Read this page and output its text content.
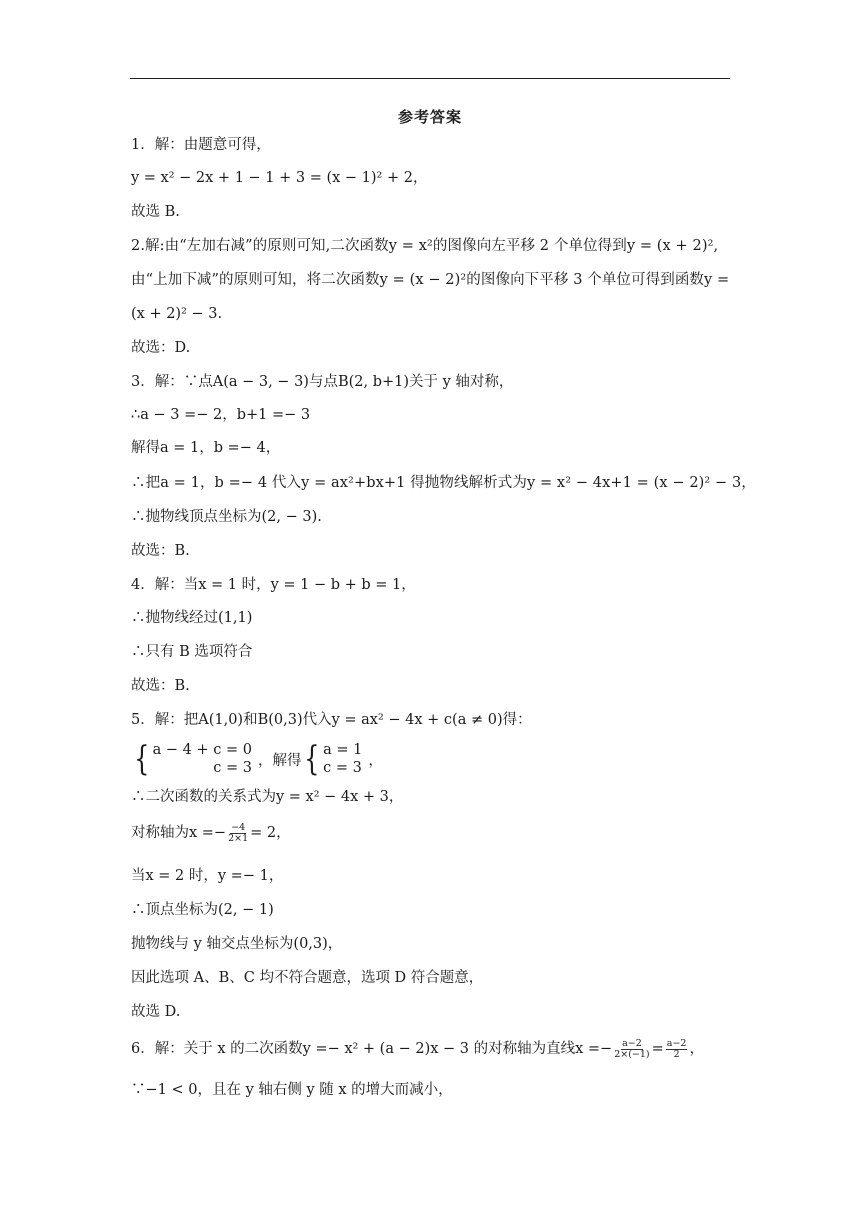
参考答案
1．解：由题意可得，
y = x² − 2x + 1 − 1 + 3 = (x − 1)² + 2，
故选 B.
2.解:由“左加右减”的原则可知,二次函数y = x²的图像向左平移 2 个单位得到y = (x + 2)²,
由“上加下减”的原则可知，将二次函数y = (x − 2)²的图像向下平移 3 个单位可得到函数y =
(x + 2)² − 3.
故选：D.
3．解：∵点A(a − 3, − 3)与点B(2, b+1)关于 y 轴对称，
∴a − 3 =− 2，b+1 =− 3
解得a = 1，b =− 4，
∴把a = 1，b =− 4 代入y = ax²+bx+1 得抛物线解析式为y = x² − 4x+1 = (x − 2)² − 3，
∴抛物线顶点坐标为(2, − 3).
故选：B.
4．解：当x = 1 时，y = 1 − b + b = 1，
∴抛物线经过(1,1)
∴只有 B 选项符合
故选：B.
5．解：把A(1,0)和B(0,3)代入y = ax² − 4x + c(a ≠ 0)得：
{ a − 4 + c = 0
c = 3 ，解得 { a = 1
c = 3 ，
∴二次函数的关系式为y = x² − 4x + 3，
对称轴为$x =- \frac{-4}{2\times 1} = 2$，
当x = 2 时，y =− 1，
∴顶点坐标为(2, − 1)
抛物线与 y 轴交点坐标为(0,3)，
因此选项 A、B、C 均不符合题意，选项 D 符合题意，
故选 D.
6．解：关于 x 的二次函数y =− x² + (a − 2)x − 3 的对称轴为直线$x =- \frac{a-2}{2\times(-1)} = \frac{a-2}{2}$ ，
∵−1 < 0，且在 y 轴右侧 y 随 x 的增大而减小，
